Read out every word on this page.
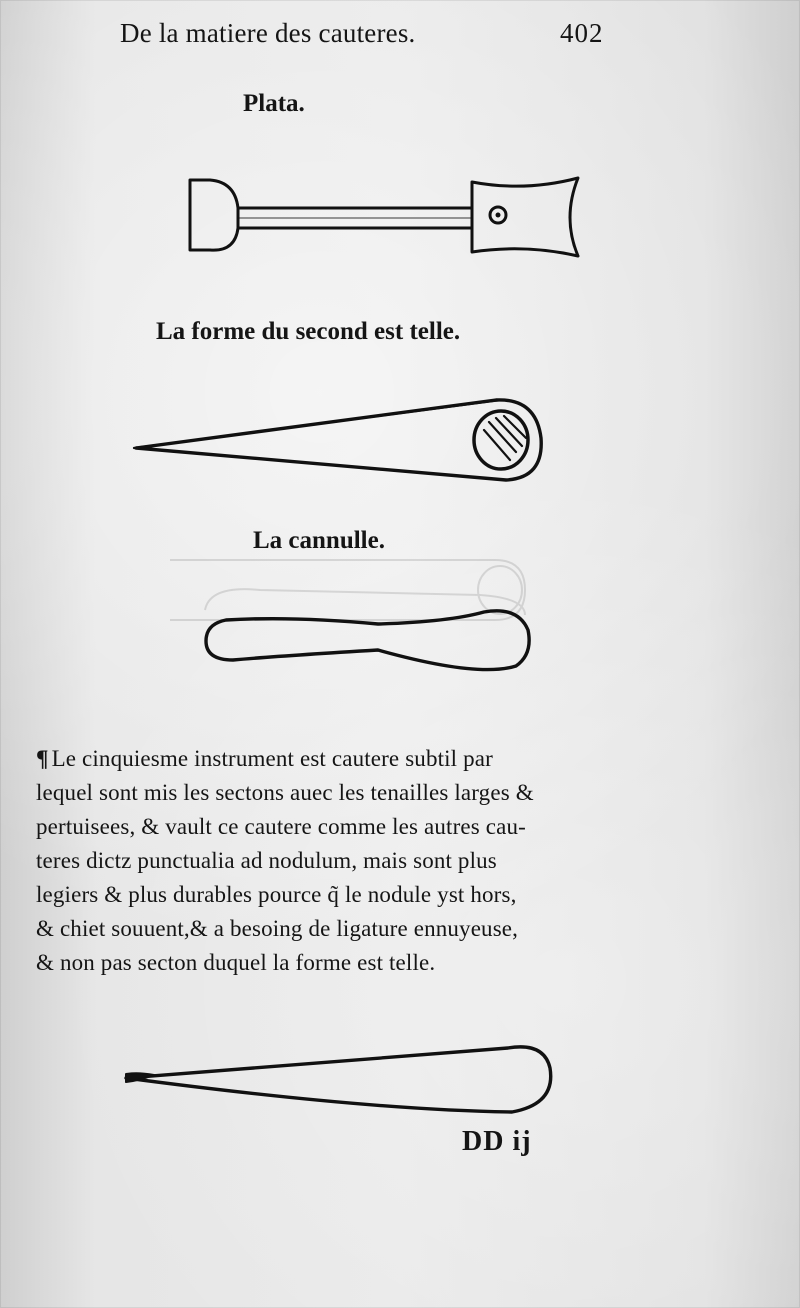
De la matiere des cauteres.	402
Plata.
La forme du second est telle.
La cannulle.
¶ Le cinquiesme instrument est cautere subtil par
lequel sont mis les sectons auec les tenailles larges &
pertuisees, & vault ce cautere comme les autres cau-
teres dictz punctualia ad nodulum, mais sont plus
legiers & plus durables pource q̃ le nodule yst hors,
& chiet souuent,& a besoing de ligature ennuyeuse,
& non pas secton duquel la forme est telle.
DD ij
